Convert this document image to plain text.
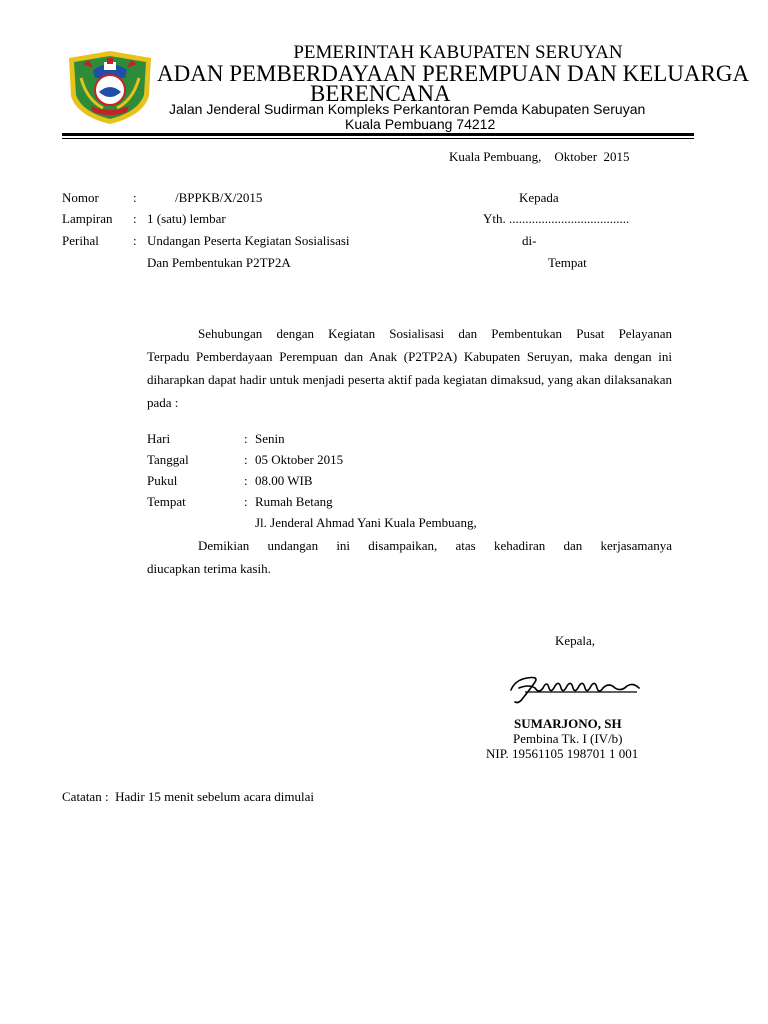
PEMERINTAH KABUPATEN SERUYAN
ADAN PEMBERDAYAAN PEREMPUAN DAN KELUARGA
BERENCANA
Jalan Jenderal Sudirman Kompleks Perkantoran Pemda Kabupaten Seruyan
Kuala Pembuang 74212
Kuala Pembuang,    Oktober  2015
Nomor	:	/BPPKB/X/2015
Lampiran : 1 (satu) lembar
Perihal	: Undangan Peserta Kegiatan Sosialisasi
Dan Pembentukan P2TP2A
Kepada
Yth. .....................................
di-
Tempat
Sehubungan dengan Kegiatan Sosialisasi dan Pembentukan Pusat Pelayanan
Terpadu Pemberdayaan Perempuan dan Anak (P2TP2A) Kabupaten Seruyan, maka dengan ini diharapkan dapat hadir untuk menjadi peserta aktif pada kegiatan dimaksud, yang akan dilaksanakan pada :
Hari	: Senin
Tanggal	: 05 Oktober 2015
Pukul	: 08.00 WIB
Tempat	: Rumah Betang
Jl. Jenderal Ahmad Yani Kuala Pembuang,
Demikian undangan ini disampaikan, atas kehadiran dan kerjasamanya
diucapkan terima kasih.
Kepala,
SUMARJONO, SH
Pembina Tk. I (IV/b)
NIP. 19561105 198701 1 001
Catatan :  Hadir 15 menit sebelum acara dimulai
